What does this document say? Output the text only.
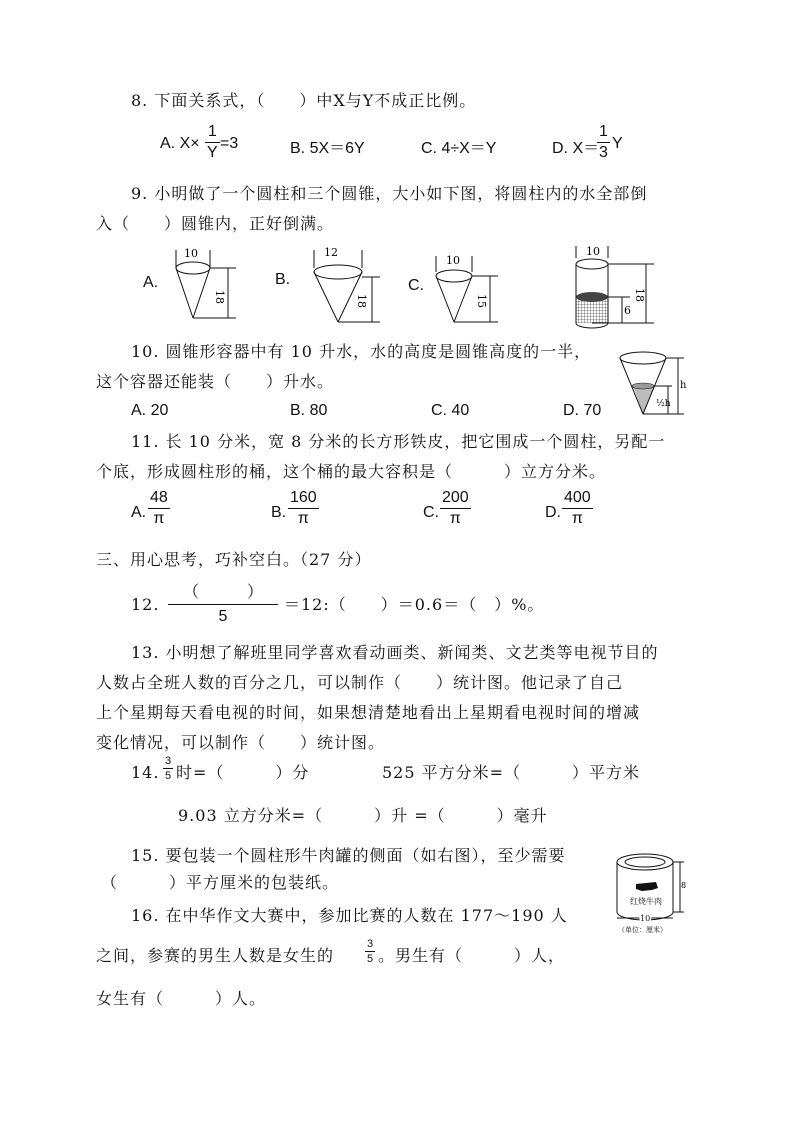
8. 下面关系式，（　　）中X与Y不成正比例。
A. X×
1
Y
=3	B. 5X＝6Y	C. 4÷X＝Y	D. X＝
1
3
Y
9. 小明做了一个圆柱和三个圆锥，大小如下图，将圆柱内的水全部倒
入（　　）圆锥内，正好倒满。
A.
10
18
B.
12
18
C.
10
15
10
18
6
10. 圆锥形容器中有 10 升水，水的高度是圆锥高度的一半，
这个容器还能装（　　）升水。
A. 20	B. 80	C. 40	D. 70
h
½h
11. 长 10 分米，宽 8 分米的长方形铁皮，把它围成一个圆柱，另配一
个底，形成圆柱形的桶，这个桶的最大容积是（　　　）立方分米。
A.
48
π	B.
160
π	C.
200
π	D.
400
π
三、用心思考，巧补空白。（27 分）
12.
（　　　）
5
＝12:（　　）＝0.6＝（　）%。
13. 小明想了解班里同学喜欢看动画类、新闻类、文艺类等电视节目的
人数占全班人数的百分之几，可以制作（　　）统计图。他记录了自己
上个星期每天看电视的时间，如果想清楚地看出上星期看电视时间的增减
变化情况，可以制作（　　）统计图。
14.
3
5 时=（　　　）分	525 平方分米=（　　　）平方米
9.03 立方分米=（　　　）升 =（　　　）毫升
15. 要包装一个圆柱形牛肉罐的侧面（如右图），至少需要
（　　　）平方厘米的包装纸。
红烧牛肉
8
10
（单位：厘米）
16. 在中华作文大赛中，参加比赛的人数在 177～190 人
之间，参赛的男生人数是女生的
3
5 。男生有（　　　）人，
女生有（　　　）人。
